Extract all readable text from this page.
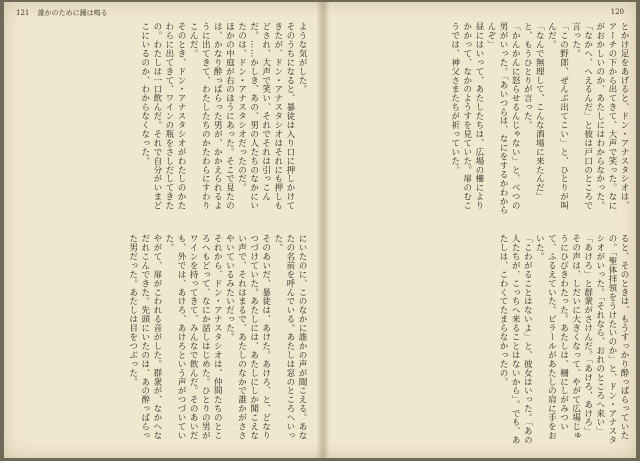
121 誰かのために鐘は鳴る

ような気がした。

そのうちになると、暴徒は入り口に押しかけてきたが、ドン・アナスタシオはそれにも押しもどされ、大声で笑い、それでそれは引っこんだ。……かしき、あの、男の人たちのなかにいたのは、ドン・アナスタシオだったのだ。

ほかの中庭が右のほうにあった。そこで見たのは、かなり酔っぱらった男が、かかえられるように出てきて、わたしたちのかたわらにすわりこんだ。

そのとき、ドン・アナスタシオがわたしのかたわらに出てきて、ワインの瓶をさしだしてきたの。わたしは一口飲んだ。それで自分がいまどこにいるのか、わからなくなった。

にいたのに、このなかに誰かの声が聞こえる。あなたの名前を呼んでいる。あたしは窓のところへいった。

そのあいだ、暴徒は、あけた。あけろ、と、どなりつづけていた。あたしには、あたしにしか聞こえない声で、それはまるで、あたしのなかで誰かがささやいているみたいだった。

それから、ドン・アナスタシオは、仲間たちのところへもどって、なにか話しはじめた。ひとりの男がワインを持ってきて、みんなで飲んだ。そのあいだも、外では、あけろ、あけろという声がつづいていた。

やがて、扉がこわれる音がした。群衆が、なかへなだれこんできた。先頭にいたのは、あの酔っぱらった男だった。あたしは目をつぶった。

120

とかけ足をあげると、ドン・アナスタシオは、アーチの下から出てきて、大声で笑った。なにがおかしいのか、あたしにはわからなかった。

「なかへ、へえるんだ」と彼は戸口のところで言った。

「この野郎、ぜんぶ出てこい」と、ひとりが叫んだ。

「なんで無理して、こんな酒場に来たんだ」と、もうひとりが言った。

「かんかんに怒らせるんじゃない」と、べつの男がいった。「あいつらは、なにをするかわからんぞ」

昼にはいって、あたしたちは、広場の柵によりかかって、なかのようすを見ていた。扉のむこうでは、神父さまたちが祈っていた。

ると、そのときは、もうすっかり酔っぱらっていたの。「聖体拝領をうけたいのか」と、ドン・アナスタシオがいった。「それなら、おれのところへ来い」

「あけろ」と群衆がさけんだ。「あけろ、あけろ」

その声は、しだいに大きくなって、やがて広場じゅうにひびきわたった。あたしは、柵にしがみついて、ふるえていた。ピラールがあたしの肩に手をおいた。

「こわがることはないよ」と、彼女はいった。「あの人たちが、こっちへ来ることはないから」。でも、あたしは、こわくてたまらなかったの。
